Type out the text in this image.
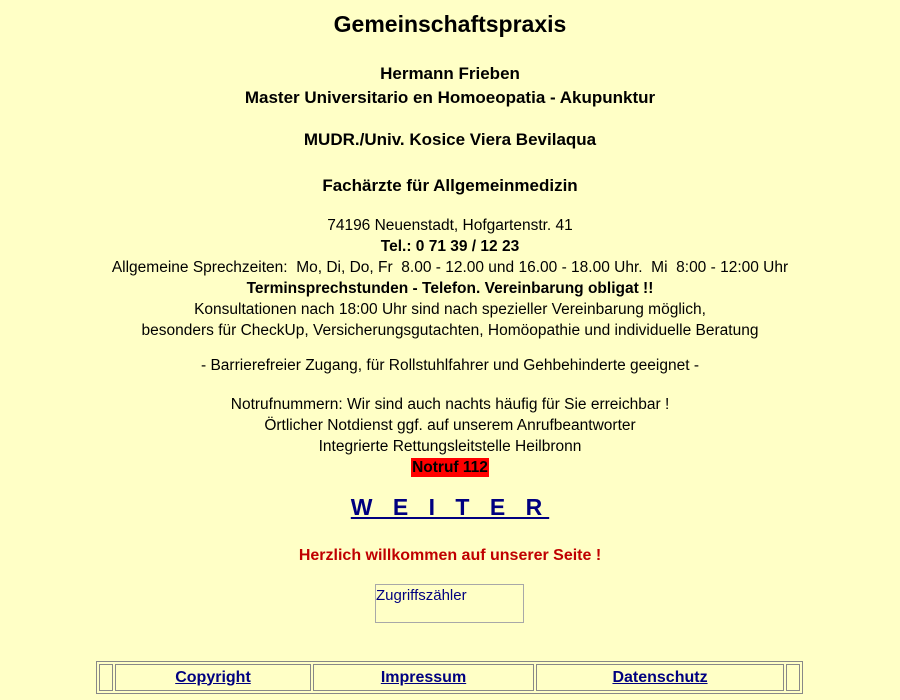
Gemeinschaftspraxis
Hermann Frieben
Master Universitario en Homoeopatia - Akupunktur
MUDR./Univ. Kosice Viera Bevilaqua
Fachärzte für Allgemeinmedizin
74196 Neuenstadt, Hofgartenstr. 41
Tel.: 0 71 39 / 12 23
Allgemeine Sprechzeiten:  Mo, Di, Do, Fr  8.00 - 12.00 und 16.00 - 18.00 Uhr.  Mi  8:00 - 12:00 Uhr
Terminsprechstunden - Telefon. Vereinbarung obligat !!
Konsultationen nach 18:00 Uhr sind nach spezieller Vereinbarung möglich,
besonders für CheckUp, Versicherungsgutachten, Homöopathie und individuelle Beratung
- Barrierefreier Zugang, für Rollstuhlfahrer und Gehbehinderte geeignet -
Notrufnummern: Wir sind auch nachts häufig für Sie erreichbar !
Örtlicher Notdienst ggf. auf unserem Anrufbeantworter
Integrierte Rettungsleitstelle Heilbronn
Notruf 112
W E I T E R
Herzlich willkommen auf unserer Seite !
Zugriffszähler
Copyright	Impressum	Datenschutz
